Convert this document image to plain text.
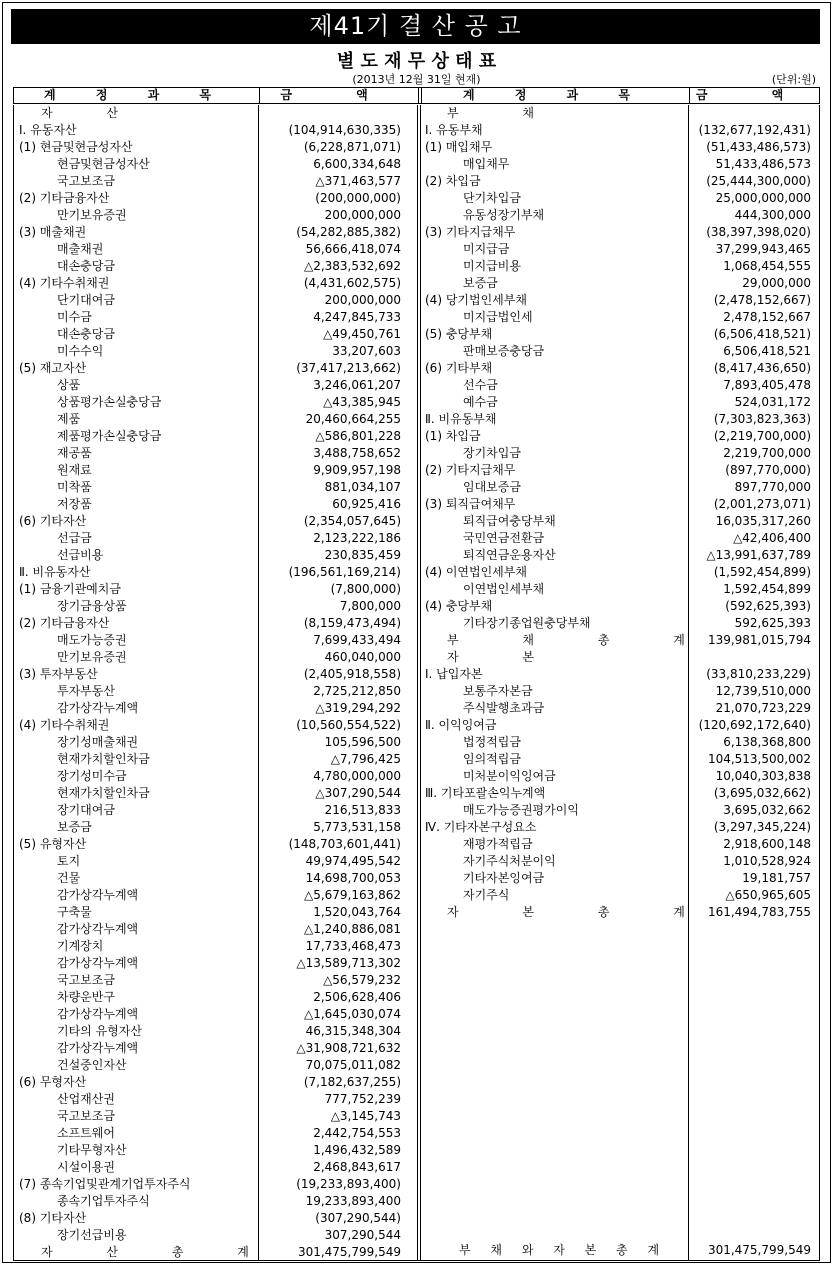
제41기 결 산 공 고
별 도 재 무 상 태 표
(2013년 12월 31일 현재)	(단위:원)
계 정 과 목	금 액	계 정 과 목	금 액
자 산
Ⅰ. 유동자산	(104,914,630,335)
(1) 현금및현금성자산	(6,228,871,071)
현금및현금성자산	6,600,334,648
국고보조금	△371,463,577
(2) 기타금융자산	(200,000,000)
만기보유증권	200,000,000
(3) 매출채권	(54,282,885,382)
매출채권	56,666,418,074
대손충당금	△2,383,532,692
(4) 기타수취채권	(4,431,602,575)
단기대여금	200,000,000
미수금	4,247,845,733
대손충당금	△49,450,761
미수수익	33,207,603
(5) 재고자산	(37,417,213,662)
상품	3,246,061,207
상품평가손실충당금	△43,385,945
제품	20,460,664,255
제품평가손실충당금	△586,801,228
재공품	3,488,758,652
원재료	9,909,957,198
미착품	881,034,107
저장품	60,925,416
(6) 기타자산	(2,354,057,645)
선급금	2,123,222,186
선급비용	230,835,459
Ⅱ. 비유동자산	(196,561,169,214)
(1) 금융기관예치금	(7,800,000)
장기금융상품	7,800,000
(2) 기타금융자산	(8,159,473,494)
매도가능증권	7,699,433,494
만기보유증권	460,040,000
(3) 투자부동산	(2,405,918,558)
투자부동산	2,725,212,850
감가상각누계액	△319,294,292
(4) 기타수취채권	(10,560,554,522)
장기성매출채권	105,596,500
현재가치할인차금	△7,796,425
장기성미수금	4,780,000,000
현재가치할인차금	△307,290,544
장기대여금	216,513,833
보증금	5,773,531,158
(5) 유형자산	(148,703,601,441)
토지	49,974,495,542
건물	14,698,700,053
감가상각누계액	△5,679,163,862
구축물	1,520,043,764
감가상각누계액	△1,240,886,081
기계장치	17,733,468,473
감가상각누계액	△13,589,713,302
국고보조금	△56,579,232
차량운반구	2,506,628,406
감가상각누계액	△1,645,030,074
기타의 유형자산	46,315,348,304
감가상각누계액	△31,908,721,632
건설중인자산	70,075,011,082
(6) 무형자산	(7,182,637,255)
산업재산권	777,752,239
국고보조금	△3,145,743
소프트웨어	2,442,754,553
기타무형자산	1,496,432,589
시설이용권	2,468,843,617
(7) 종속기업및관계기업투자주식	(19,233,893,400)
종속기업투자주식	19,233,893,400
(8) 기타자산	(307,290,544)
장기선급비용	307,290,544
자 산 총 계	301,475,799,549
부 채
Ⅰ. 유동부채	(132,677,192,431)
(1) 매입채무	(51,433,486,573)
매입채무	51,433,486,573
(2) 차입금	(25,444,300,000)
단기차입금	25,000,000,000
유동성장기부채	444,300,000
(3) 기타지급채무	(38,397,398,020)
미지급금	37,299,943,465
미지급비용	1,068,454,555
보증금	29,000,000
(4) 당기법인세부채	(2,478,152,667)
미지급법인세	2,478,152,667
(5) 충당부채	(6,506,418,521)
판매보증충당금	6,506,418,521
(6) 기타부채	(8,417,436,650)
선수금	7,893,405,478
예수금	524,031,172
Ⅱ. 비유동부채	(7,303,823,363)
(1) 차입금	(2,219,700,000)
장기차입금	2,219,700,000
(2) 기타지급채무	(897,770,000)
임대보증금	897,770,000
(3) 퇴직급여채무	(2,001,273,071)
퇴직급여충당부채	16,035,317,260
국민연금전환금	△42,406,400
퇴직연금운용자산	△13,991,637,789
(4) 이연법인세부채	(1,592,454,899)
이연법인세부채	1,592,454,899
(4) 충당부채	(592,625,393)
기타장기종업원충당부채	592,625,393
부 채 총 계 139,981,015,794
자 본
Ⅰ. 납입자본	(33,810,233,229)
보통주자본금	12,739,510,000
주식발행초과금	21,070,723,229
Ⅱ. 이익잉여금	(120,692,172,640)
법정적립금	6,138,368,800
임의적립금	104,513,500,002
미처분이익잉여금	10,040,303,838
Ⅲ. 기타포괄손익누계액	(3,695,032,662)
매도가능증권평가이익	3,695,032,662
Ⅳ. 기타자본구성요소	(3,297,345,224)
재평가적립금	2,918,600,148
자기주식처분이익	1,010,528,924
기타자본잉여금	19,181,757
자기주식	△650,965,605
자 본 총 계 161,494,783,755
부 채 와 자 본 총 계	301,475,799,549
